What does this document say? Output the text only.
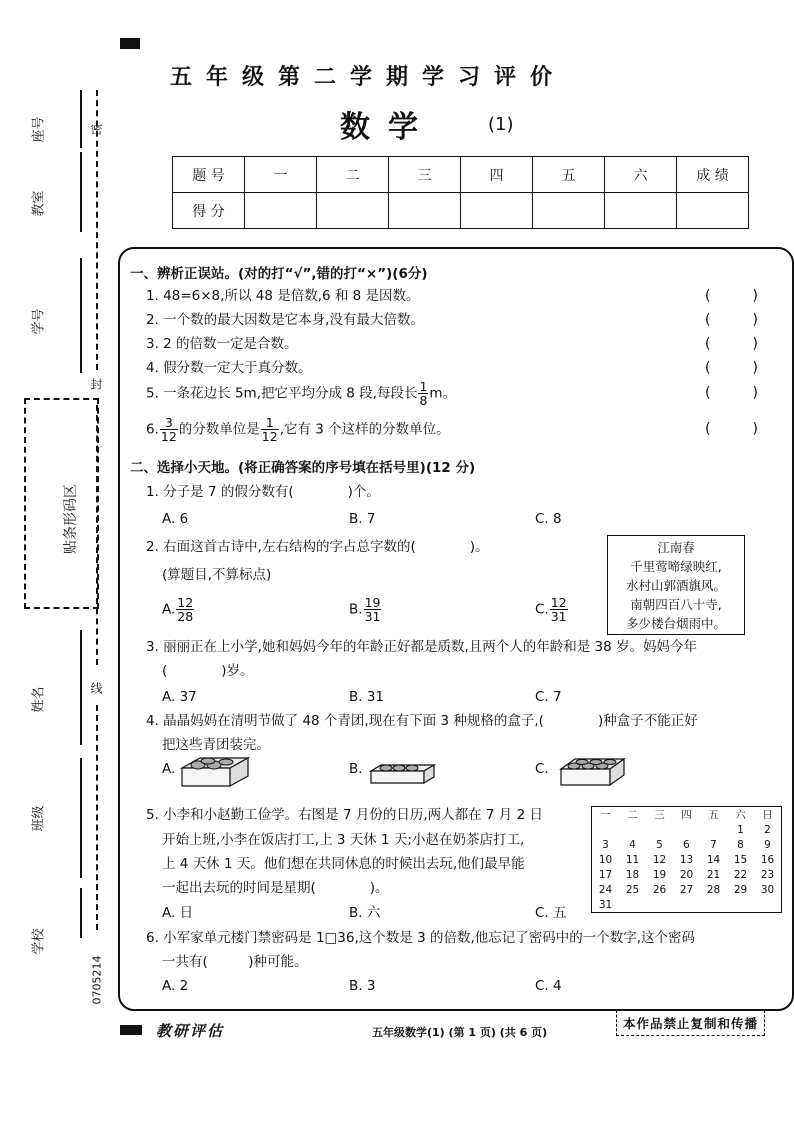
密
封
线
座号
教室
学号
贴条形码区
姓名
班级
学校
0705214
五年级第二学期学习评价
数学	(1)
题 号	一	二	三	四	五	六	成 绩
得 分							
一、辨析正误站。(对的打“√”,错的打“×”)(6分)
1. 48=6×8,所以 48 是倍数,6 和 8 是因数。
2. 一个数的最大因数是它本身,没有最大倍数。
3. 2 的倍数一定是合数。
4. 假分数一定大于真分数。
5. 一条花边长 5m,把它平均分成 8 段,每段长 $\frac{1}{8}$ m。
6. $\frac{3}{12}$ 的分数单位是 $\frac{1}{12}$ ,它有 3 个这样的分数单位。
(　　　)
(　　　)
(　　　)
(　　　)
(　　　)
(　　　)
二、选择小天地。(将正确答案的序号填在括号里)(12 分)
1. 分子是 7 的假分数有(　　　　)个。
A. 6	B. 7	C. 8
2. 右面这首古诗中,左右结构的字占总字数的(　　　　)。
(算题目,不算标点)
A. $\frac{12}{28}$	B. $\frac{19}{31}$	C. $\frac{12}{31}$
江南春
千里莺啼绿映红,
水村山郭酒旗风。
南朝四百八十寺,
多少楼台烟雨中。
3. 丽丽正在上小学,她和妈妈今年的年龄正好都是质数,且两个人的年龄和是 38 岁。妈妈今年
(　　　　)岁。
A. 37	B. 31	C. 7
4. 晶晶妈妈在清明节做了 48 个青团,现在有下面 3 种规格的盒子,(　　　　)种盒子不能正好
把这些青团装完。
A.	B.	C.
5. 小李和小赵勤工俭学。右图是 7 月份的日历,两人都在 7 月 2 日
开始上班,小李在饭店打工,上 3 天休 1 天;小赵在奶茶店打工,
上 4 天休 1 天。他们想在共同休息的时候出去玩,他们最早能
一起出去玩的时间是星期(　　　　)。
A. 日	B. 六	C. 五
一	二	三	四	五	六	日
					1	2
3	4	5	6	7	8	9
10	11	12	13	14	15	16
17	18	19	20	21	22	23
24	25	26	27	28	29	30
31						
6. 小军家单元楼门禁密码是 1□36,这个数是 3 的倍数,他忘记了密码中的一个数字,这个密码
一共有(　　　)种可能。
A. 2	B. 3	C. 4
教研评估	五年级数学(1) (第 1 页) (共 6 页)
本作品禁止复制和传播
